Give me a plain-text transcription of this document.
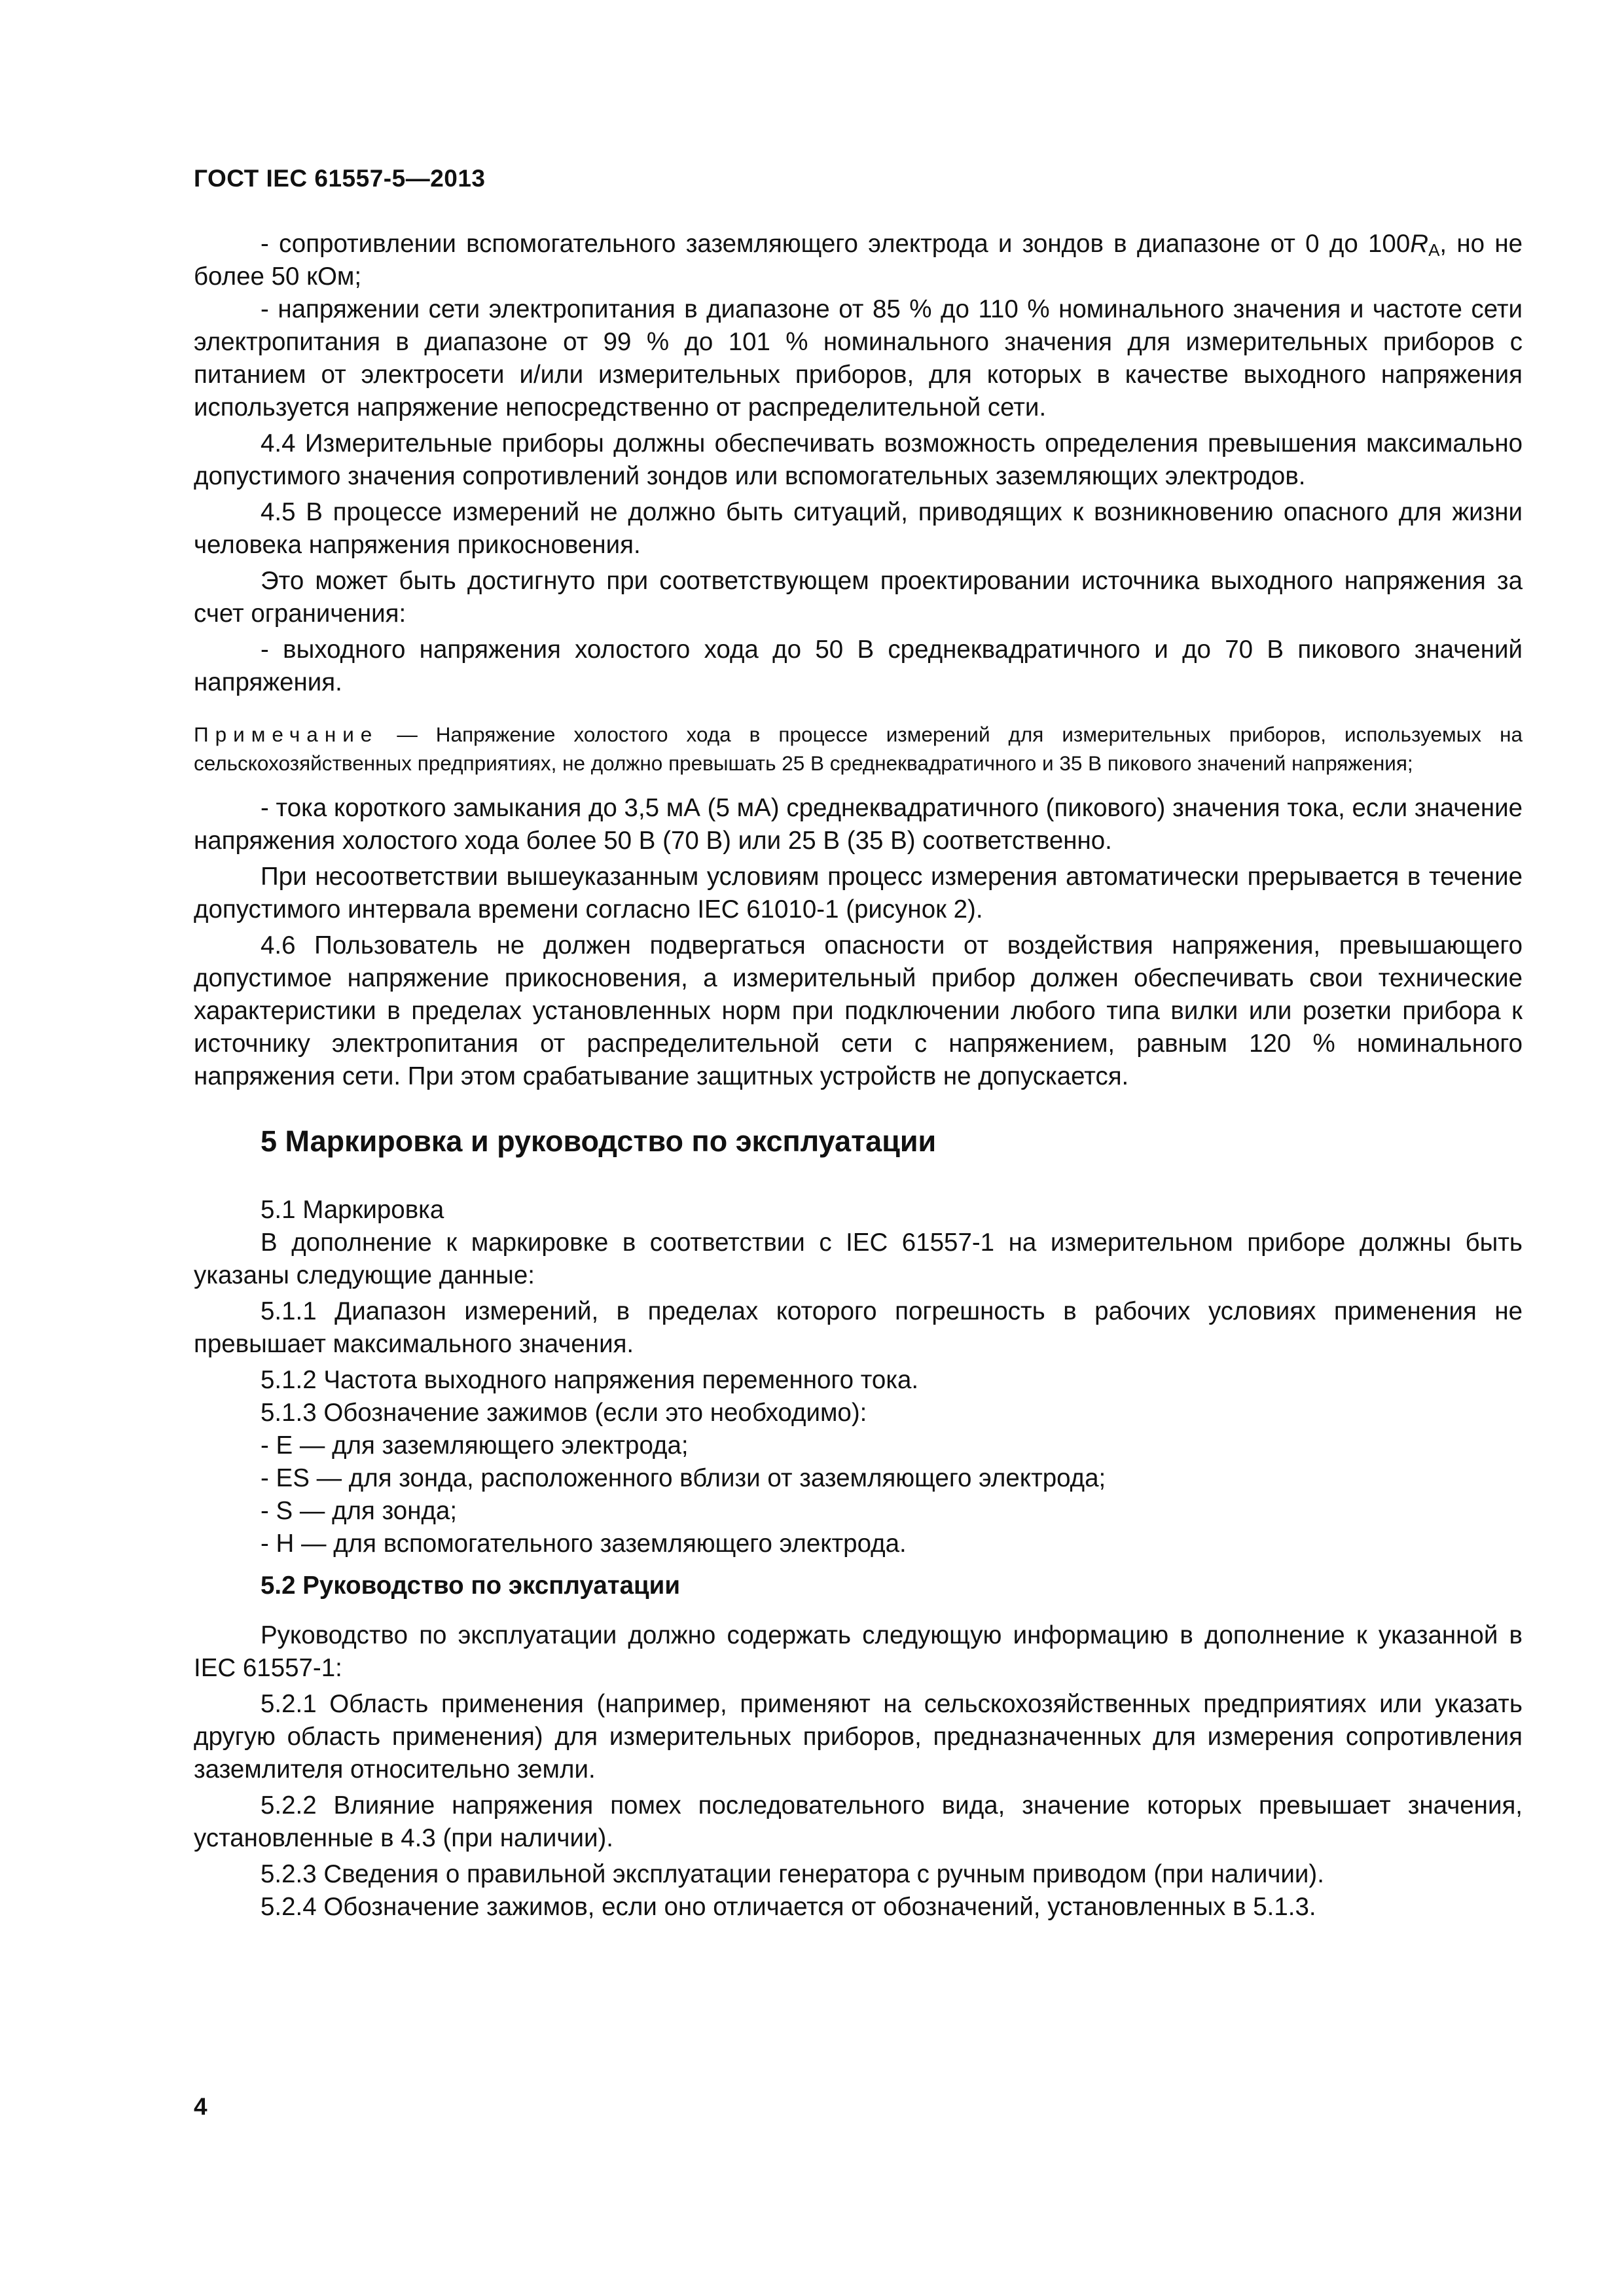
ГОСТ IEC 61557-5—2013

- сопротивлении вспомогательного заземляющего электрода и зондов в диапазоне от 0 до $100R_А$, но не более 50 кОм;

- напряжении сети электропитания в диапазоне от 85 % до 110 % номинального значения и частоте сети электропитания в диапазоне от 99 % до 101 % номинального значения для измерительных приборов с питанием от электросети и/или измерительных приборов, для которых в качестве выходного напряжения используется напряжение непосредственно от распределительной сети.

4.4 Измерительные приборы должны обеспечивать возможность определения превышения максимально допустимого значения сопротивлений зондов или вспомогательных заземляющих электродов.

4.5 В процессе измерений не должно быть ситуаций, приводящих к возникновению опасного для жизни человека напряжения прикосновения.

Это может быть достигнуто при соответствующем проектировании источника выходного напряжения за счет ограничения:

- выходного напряжения холостого хода до 50 В среднеквадратичного и до 70 В пикового значений напряжения.

Примечание — Напряжение холостого хода в процессе измерений для измерительных приборов, используемых на сельскохозяйственных предприятиях, не должно превышать 25 В среднеквадратичного и 35 В пикового значений напряжения;

- тока короткого замыкания до 3,5 мА (5 мА) среднеквадратичного (пикового) значения тока, если значение напряжения холостого хода более 50 В (70 В) или 25 В (35 В) соответственно.

При несоответствии вышеуказанным условиям процесс измерения автоматически прерывается в течение допустимого интервала времени согласно IEC 61010-1 (рисунок 2).

4.6 Пользователь не должен подвергаться опасности от воздействия напряжения, превышающего допустимое напряжение прикосновения, а измерительный прибор должен обеспечивать свои технические характеристики в пределах установленных норм при подключении любого типа вилки или розетки прибора к источнику электропитания от распределительной сети с напряжением, равным 120 % номинального напряжения сети. При этом срабатывание защитных устройств не допускается.

5 Маркировка и руководство по эксплуатации

5.1 Маркировка

В дополнение к маркировке в соответствии с IEC 61557-1 на измерительном приборе должны быть указаны следующие данные:

5.1.1 Диапазон измерений, в пределах которого погрешность в рабочих условиях применения не превышает максимального значения.

5.1.2 Частота выходного напряжения переменного тока.

5.1.3 Обозначение зажимов (если это необходимо):

- E — для заземляющего электрода;

- ES — для зонда, расположенного вблизи от заземляющего электрода;

- S — для зонда;

- H — для вспомогательного заземляющего электрода.

5.2 Руководство по эксплуатации

Руководство по эксплуатации должно содержать следующую информацию в дополнение к указанной в IEC 61557-1:

5.2.1 Область применения (например, применяют на сельскохозяйственных предприятиях или указать другую область применения) для измерительных приборов, предназначенных для измерения сопротивления заземлителя относительно земли.

5.2.2 Влияние напряжения помех последовательного вида, значение которых превышает значения, установленные в 4.3 (при наличии).

5.2.3 Сведения о правильной эксплуатации генератора с ручным приводом (при наличии).

5.2.4 Обозначение зажимов, если оно отличается от обозначений, установленных в 5.1.3.

4
